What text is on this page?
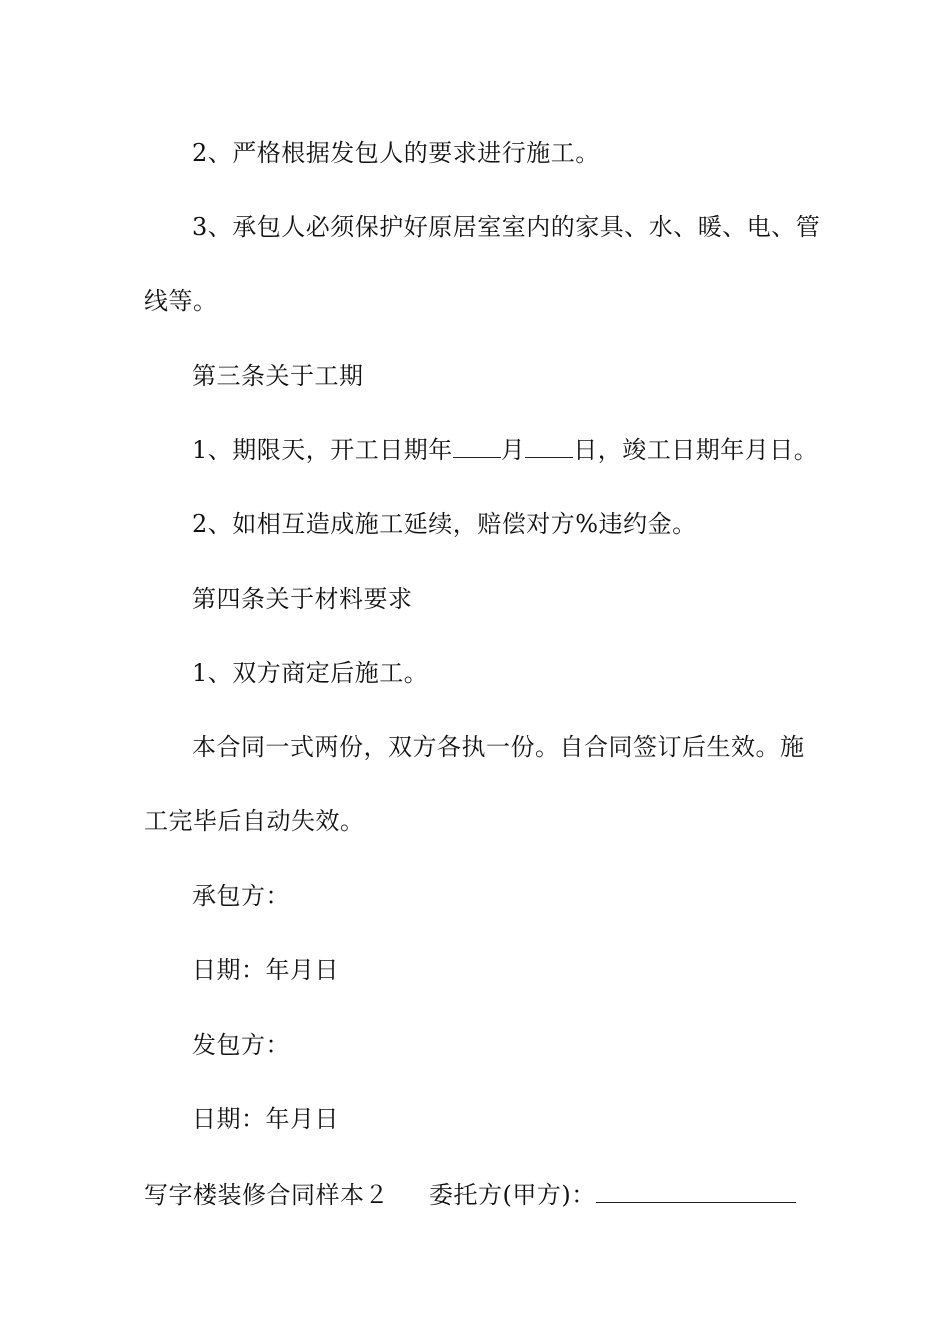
2、严格根据发包人的要求进行施工。
3、承包人必须保护好原居室室内的家具、水、暖、电、管
线等。
第三条关于工期
1、期限天，开工日期年 月 日，竣工日期年月日。
2、如相互造成施工延续，赔偿对方%违约金。
第四条关于材料要求
1、双方商定后施工。
本合同一式两份，双方各执一份。自合同签订后生效。施
工完毕后自动失效。
承包方：
日期：年月日
发包方：
日期：年月日
写字楼装修合同样本２ 委托方(甲方)：
